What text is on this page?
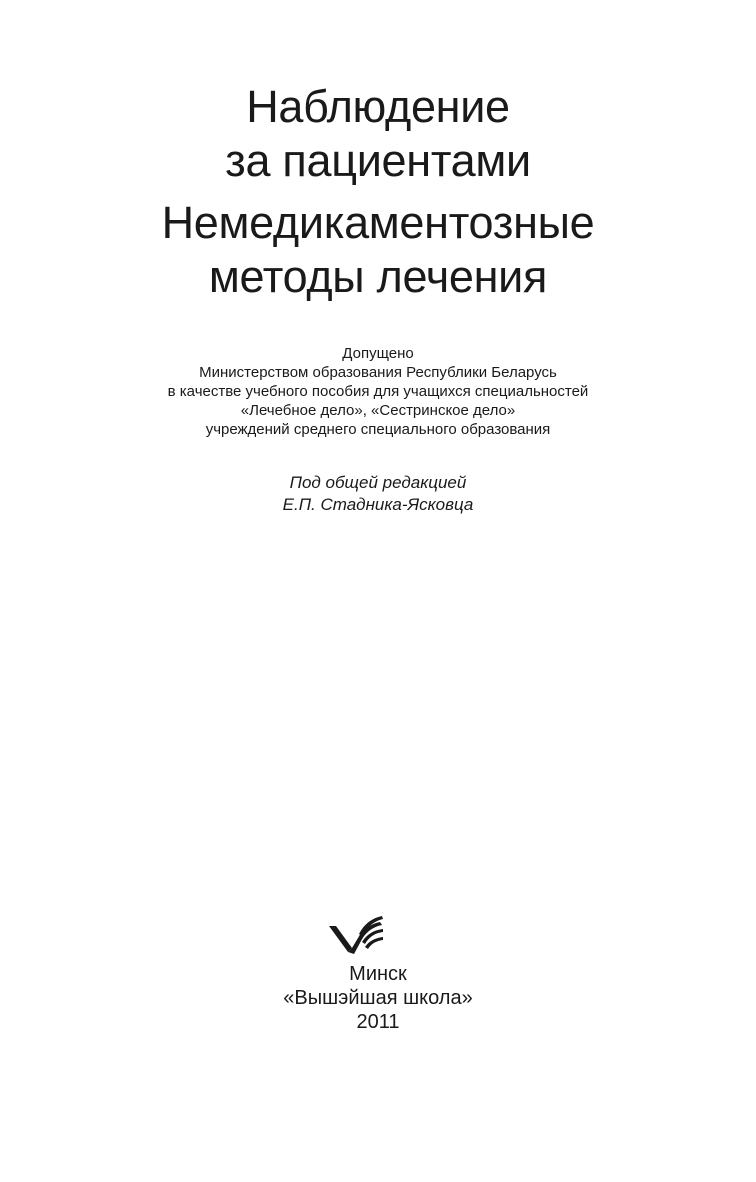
Наблюдение
за пациентами
Немедикаментозные
методы лечения
Допущено
Министерством образования Республики Беларусь
в качестве учебного пособия для учащихся специальностей
«Лечебное дело», «Сестринское дело»
учреждений среднего специального образования
Под общей редакцией
Е.П. Стадника-Ясковца
Минск
«Вышэйшая школа»
2011
